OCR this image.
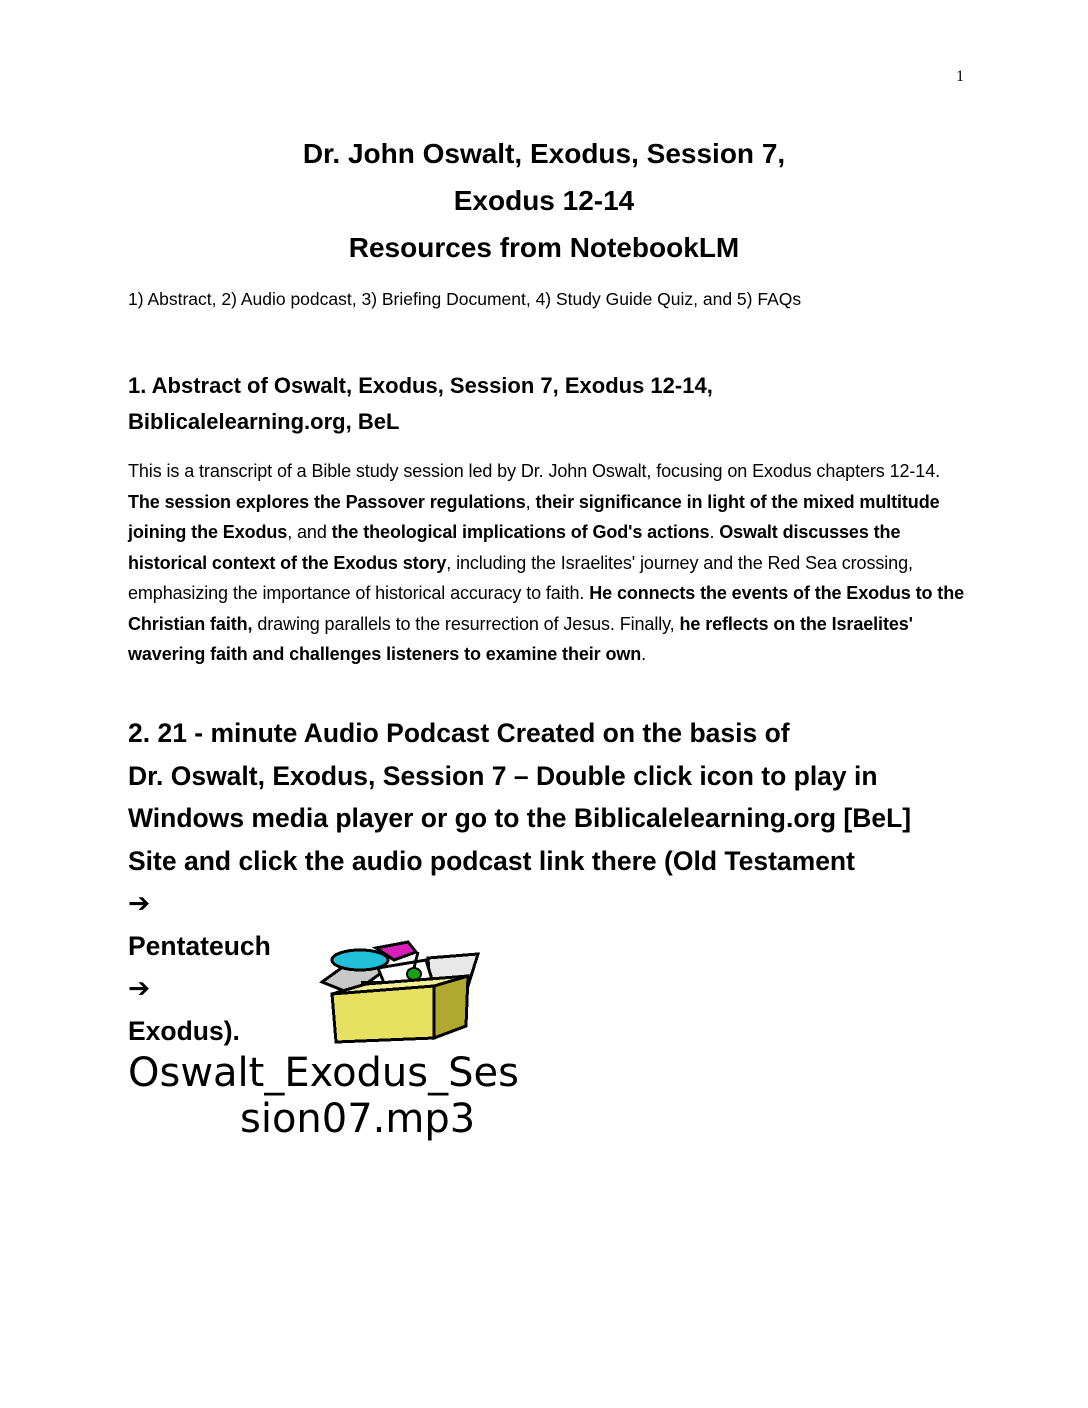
1
Dr. John Oswalt, Exodus, Session 7,
Exodus 12-14
Resources from NotebookLM

1) Abstract, 2) Audio podcast, 3) Briefing Document, 4) Study Guide Quiz, and 5) FAQs

1. Abstract of Oswalt, Exodus, Session 7, Exodus 12-14,
Biblicalelearning.org, BeL

This is a transcript of a Bible study session led by Dr. John Oswalt, focusing on Exodus chapters 12-14. The session explores the Passover regulations, their significance in light of the mixed multitude joining the Exodus, and the theological implications of God's actions. Oswalt discusses the historical context of the Exodus story, including the Israelites' journey and the Red Sea crossing, emphasizing the importance of historical accuracy to faith. He connects the events of the Exodus to the Christian faith, drawing parallels to the resurrection of Jesus. Finally, he reflects on the Israelites' wavering faith and challenges listeners to examine their own.

2. 21 - minute Audio Podcast Created on the basis of
Dr. Oswalt, Exodus, Session 7 – Double click icon to play in
Windows media player or go to the Biblicalelearning.org [BeL]
Site and click the audio podcast link there (Old Testament
➔
Pentateuch
➔
Exodus).
Oswalt_Exodus_Ses
sion07.mp3
